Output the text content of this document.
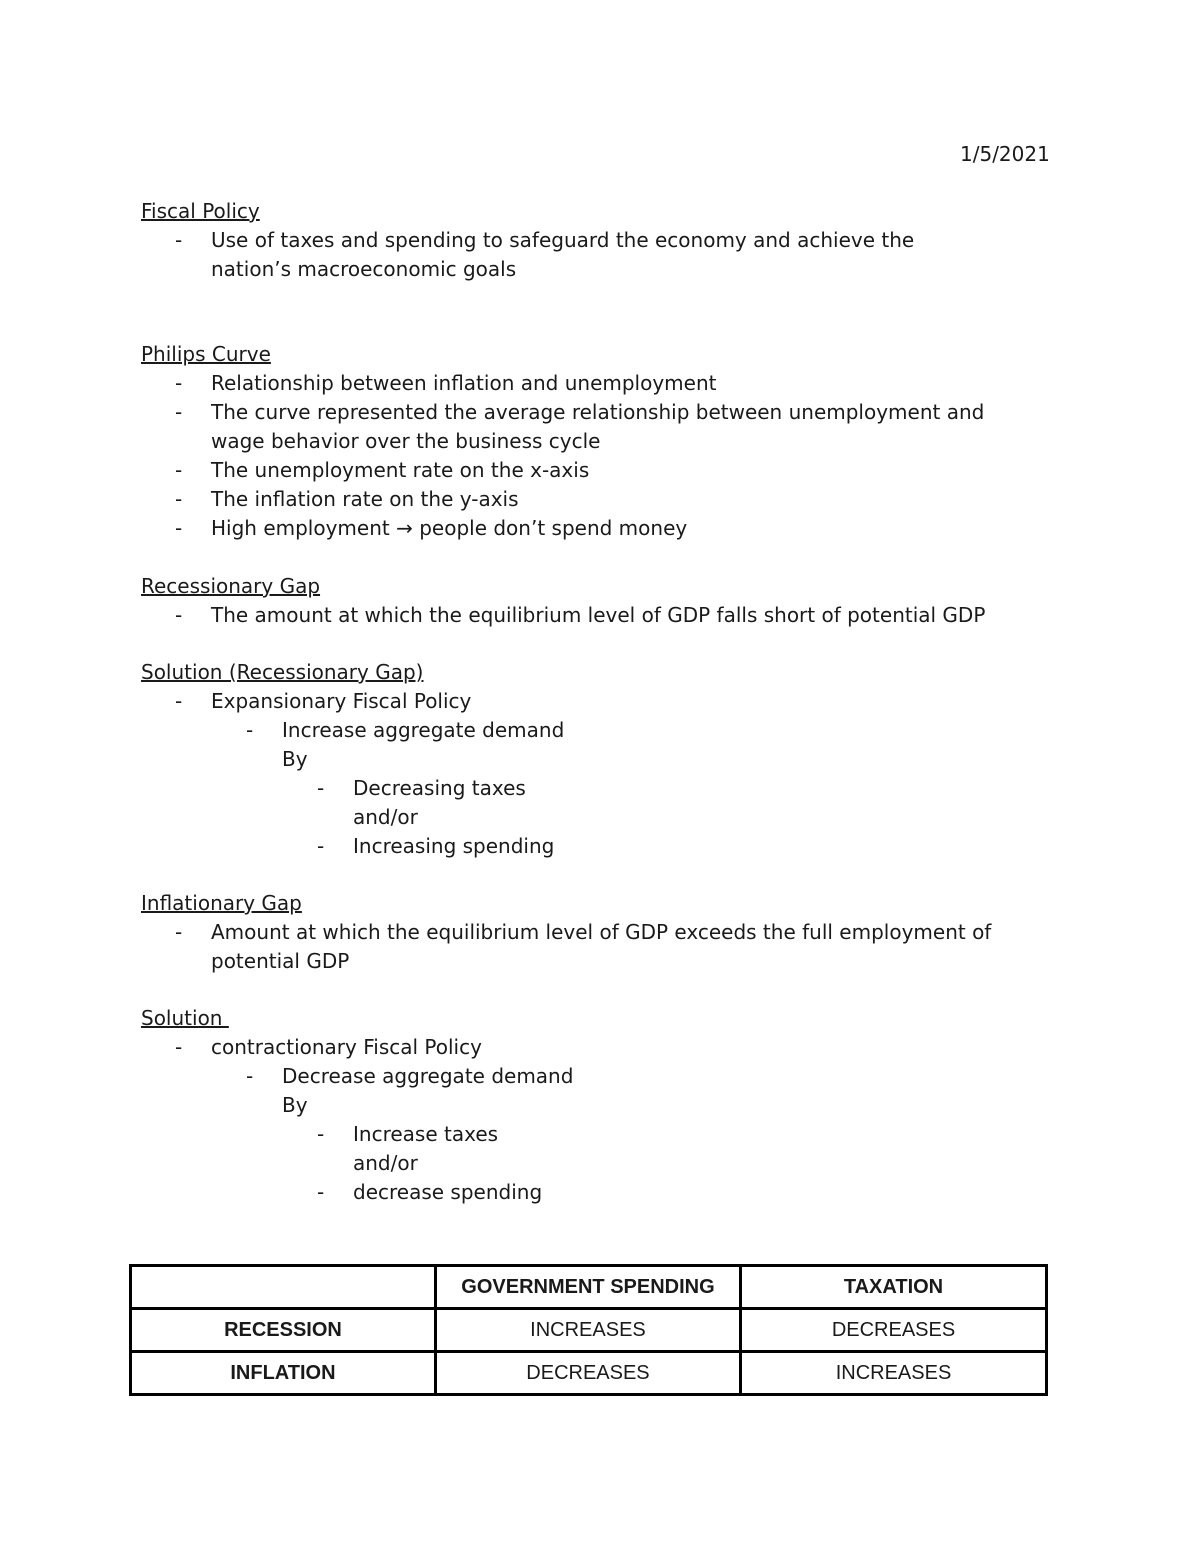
1/5/2021
Fiscal Policy
- Use of taxes and spending to safeguard the economy and achieve the
nation’s macroeconomic goals
Philips Curve
- Relationship between inflation and unemployment
- The curve represented the average relationship between unemployment and
wage behavior over the business cycle
- The unemployment rate on the x-axis
- The inflation rate on the y-axis
- High employment → people don’t spend money
Recessionary Gap
- The amount at which the equilibrium level of GDP falls short of potential GDP
Solution (Recessionary Gap)
- Expansionary Fiscal Policy
- Increase aggregate demand
By
- Decreasing taxes
and/or
- Increasing spending
Inflationary Gap
- Amount at which the equilibrium level of GDP exceeds the full employment of
potential GDP
Solution
- contractionary Fiscal Policy
- Decrease aggregate demand
By
- Increase taxes
and/or
- decrease spending
	GOVERNMENT SPENDING	TAXATION
RECESSION	INCREASES	DECREASES
INFLATION	DECREASES	INCREASES
